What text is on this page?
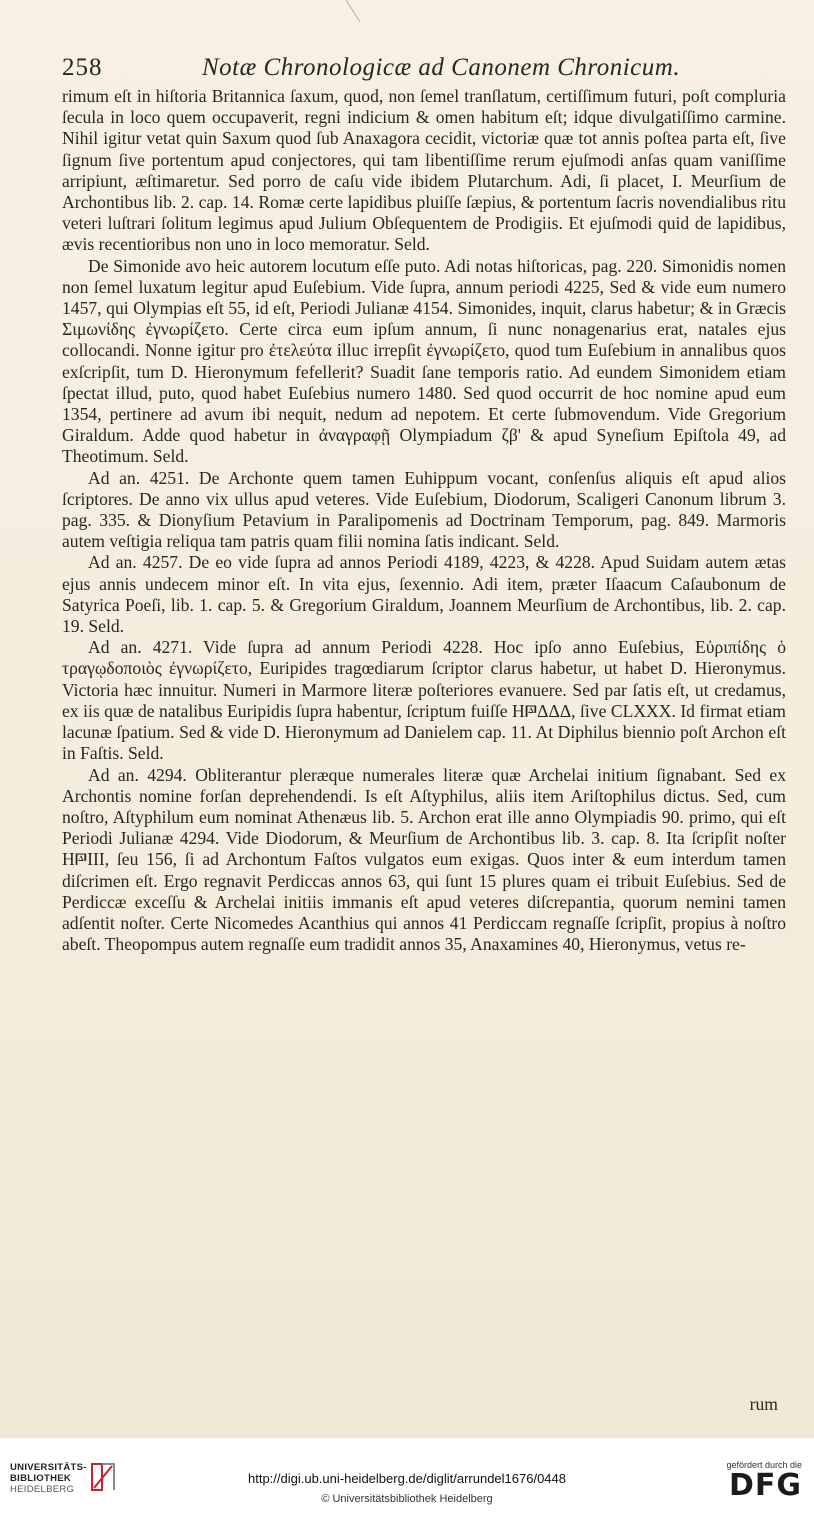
258	Notæ Chronologicæ ad Canonem Chronicum.

rimum eſt in hiſtoria Britannica ſaxum, quod, non ſemel tranſlatum, certiſſimum futuri, poſt compluria ſecula in loco quem occupaverit, regni indicium & omen habitum eſt; idque divulgatiſſimo carmine. Nihil igitur vetat quin Saxum quod ſub Anaxagora cecidit, victoriæ quæ tot annis poſtea parta eſt, ſive ſignum ſive portentum apud conjectores, qui tam libentiſſime rerum ejuſmodi anſas quam vaniſſime arripiunt, æſtimaretur. Sed porro de caſu vide ibidem Plutarchum. Adi, ſi placet, I. Meurſium de Archontibus lib. 2. cap. 14. Romæ certe lapidibus pluiſſe ſæpius, & portentum ſacris novendialibus ritu veteri luſtrari ſolitum legimus apud Julium Obſequentem de Prodigiis. Et ejuſmodi quid de lapidibus, ævis recentioribus non uno in loco memoratur. Seld.

De Simonide avo heic autorem locutum eſſe puto. Adi notas hiſtoricas, pag. 220. Simonidis nomen non ſemel luxatum legitur apud Euſebium. Vide ſupra, annum periodi 4225, Sed & vide eum numero 1457, qui Olympias eſt 55, id eſt, Periodi Julianæ 4154. Simonides, inquit, clarus habetur; & in Græcis Σιμωνίδης ἐγνωρίζετο. Certe circa eum ipſum annum, ſi nunc nonagenarius erat, natales ejus collocandi. Nonne igitur pro ἐτελεύτα illuc irrepſit ἐγνωρίζετο, quod tum Euſebium in annalibus quos exſcripſit, tum D. Hieronymum fefellerit? Suadit ſane temporis ratio. Ad eundem Simonidem etiam ſpectat illud, puto, quod habet Euſebius numero 1480. Sed quod occurrit de hoc nomine apud eum 1354, pertinere ad avum ibi nequit, nedum ad nepotem. Et certe ſubmovendum. Vide Gregorium Giraldum. Adde quod habetur in ἀναγραφῇ Olympiadum ζβ' & apud Syneſium Epiſtola 49, ad Theotimum. Seld.

Ad an. 4251. De Archonte quem tamen Euhippum vocant, conſenſus aliquis eſt apud alios ſcriptores. De anno vix ullus apud veteres. Vide Euſebium, Diodorum, Scaligeri Canonum librum 3. pag. 335. & Dionyſium Petavium in Paralipomenis ad Doctrinam Temporum, pag. 849. Marmoris autem veſtigia reliqua tam patris quam filii nomina ſatis indicant. Seld.

Ad an. 4257. De eo vide ſupra ad annos Periodi 4189, 4223, & 4228. Apud Suidam autem ætas ejus annis undecem minor eſt. In vita ejus, ſexennio. Adi item, præter Iſaacum Caſaubonum de Satyrica Poeſi, lib. 1. cap. 5. & Gregorium Giraldum, Joannem Meurſium de Archontibus, lib. 2. cap. 19. Seld.

Ad an. 4271. Vide ſupra ad annum Periodi 4228. Hoc ipſo anno Euſebius, Εὐριπίδης ὁ τραγῳδοποιὸς ἐγνωρίζετο, Euripides tragœdiarum ſcriptor clarus habetur, ut habet D. Hieronymus. Victoria hæc innuitur. Numeri in Marmore literæ poſteriores evanuere. Sed par ſatis eſt, ut credamus, ex iis quæ de natalibus Euripidis ſupra habentur, ſcriptum fuiſſe Η𐅄ΔΔΔ, ſive CLXXX. Id firmat etiam lacunæ ſpatium. Sed & vide D. Hieronymum ad Danielem cap. 11. At Diphilus biennio poſt Archon eſt in Faſtis. Seld.

Ad an. 4294. Obliterantur pleræque numerales literæ quæ Archelai initium ſignabant. Sed ex Archontis nomine forſan deprehendendi. Is eſt Aſtyphilus, aliis item Ariſtophilus dictus. Sed, cum noſtro, Aſtyphilum eum nominat Athenæus lib. 5. Archon erat ille anno Olympiadis 90. primo, qui eſt Periodi Julianæ 4294. Vide Diodorum, & Meurſium de Archontibus lib. 3. cap. 8. Ita ſcripſit noſter Η𐅄ΙΙΙ, ſeu 156, ſi ad Archontum Faſtos vulgatos eum exigas. Quos inter & eum interdum tamen diſcrimen eſt. Ergo regnavit Perdiccas annos 63, qui ſunt 15 plures quam ei tribuit Euſebius. Sed de Perdiccæ exceſſu & Archelai initiis immanis eſt apud veteres diſcrepantia, quorum nemini tamen adſentit noſter. Certe Nicomedes Acanthius qui annos 41 Perdiccam regnaſſe ſcripſit, propius à noſtro abeſt. Theopompus autem regnaſſe eum tradidit annos 35, Anaxamines 40, Hieronymus, vetus re-

rum
UNIVERSITÄTS-
BIBLIOTHEK
HEIDELBERG
http://digi.ub.uni-heidelberg.de/diglit/arrundel1676/0448
© Universitätsbibliothek Heidelberg
gefördert durch die
DFG
